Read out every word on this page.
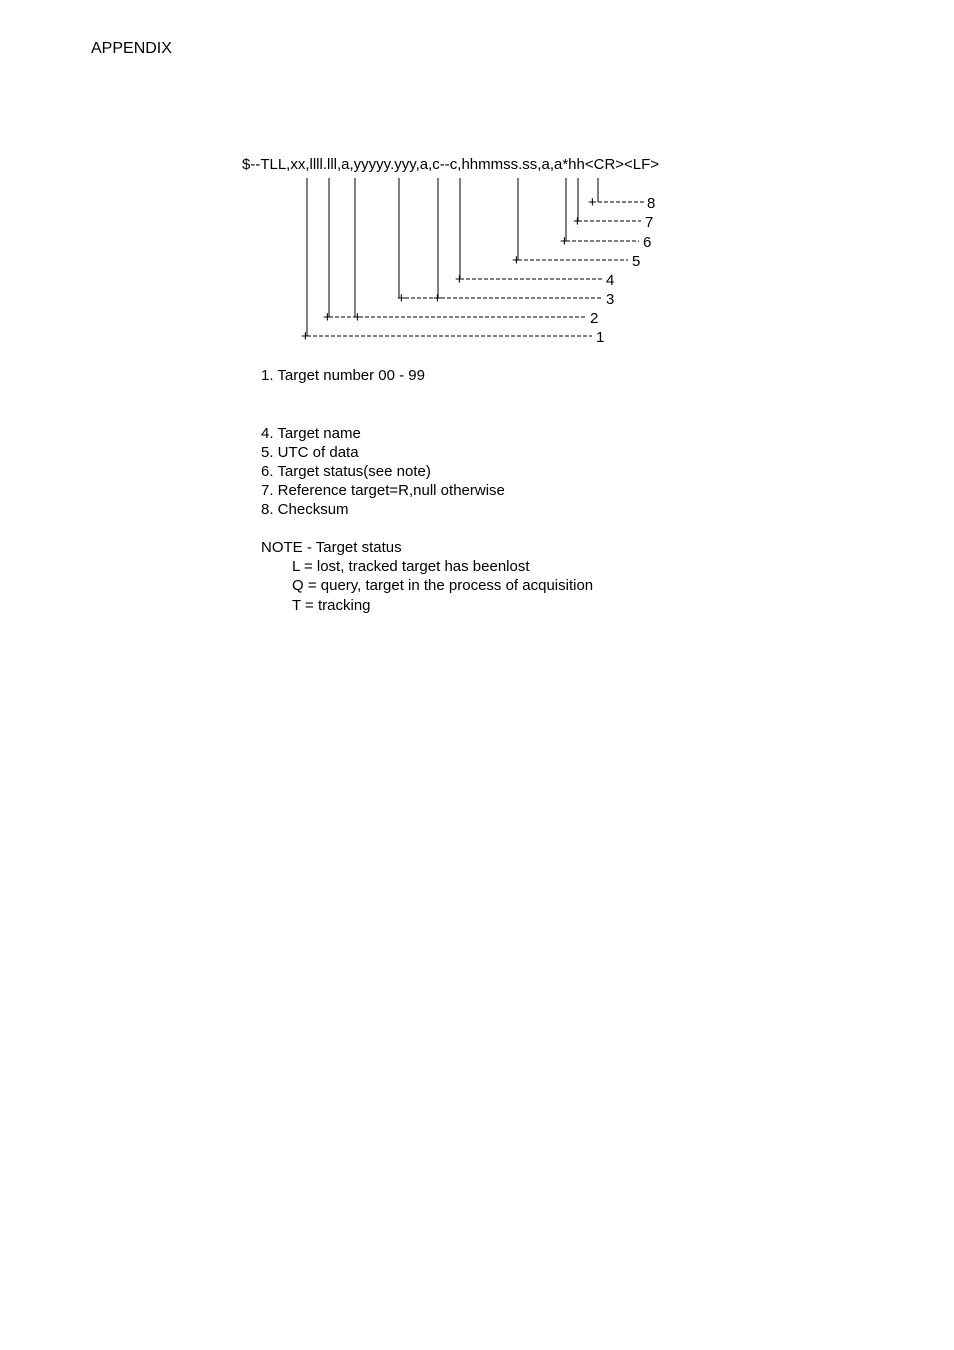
APPENDIX
$--TLL,xx,llll.lll,a,yyyyy.yyy,a,c--c,hhmmss.ss,a,a*hh<CR><LF>
+	8
+	7
+	6
+	5
+	4
+ +	3
+ +	2
+	1
1. Target number 00 - 99
4. Target name
5. UTC of data
6. Target status(see note)
7. Reference target=R,null otherwise
8. Checksum
NOTE - Target status
L = lost, tracked target has beenlost
Q = query, target in the process of acquisition
T = tracking
